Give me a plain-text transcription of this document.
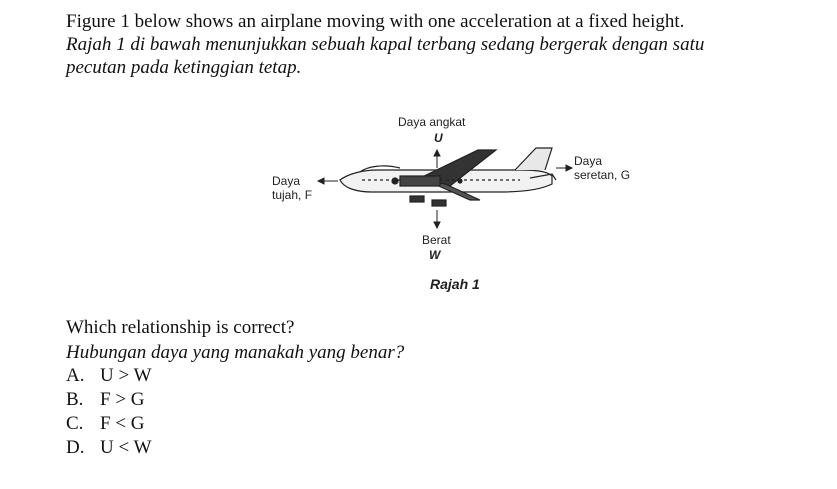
Figure 1 below shows an airplane moving with one acceleration at a fixed height.
Rajah 1 di bawah menunjukkan sebuah kapal terbang sedang bergerak dengan satu
pecutan pada ketinggian tetap.
Daya angkat
U
Daya
tujah, F
Daya
seretan, G
Berat
W
Rajah 1
Which relationship is correct?
Hubungan daya yang manakah yang benar?
A. U > W
B. F > G
C. F < G
D. U < W
